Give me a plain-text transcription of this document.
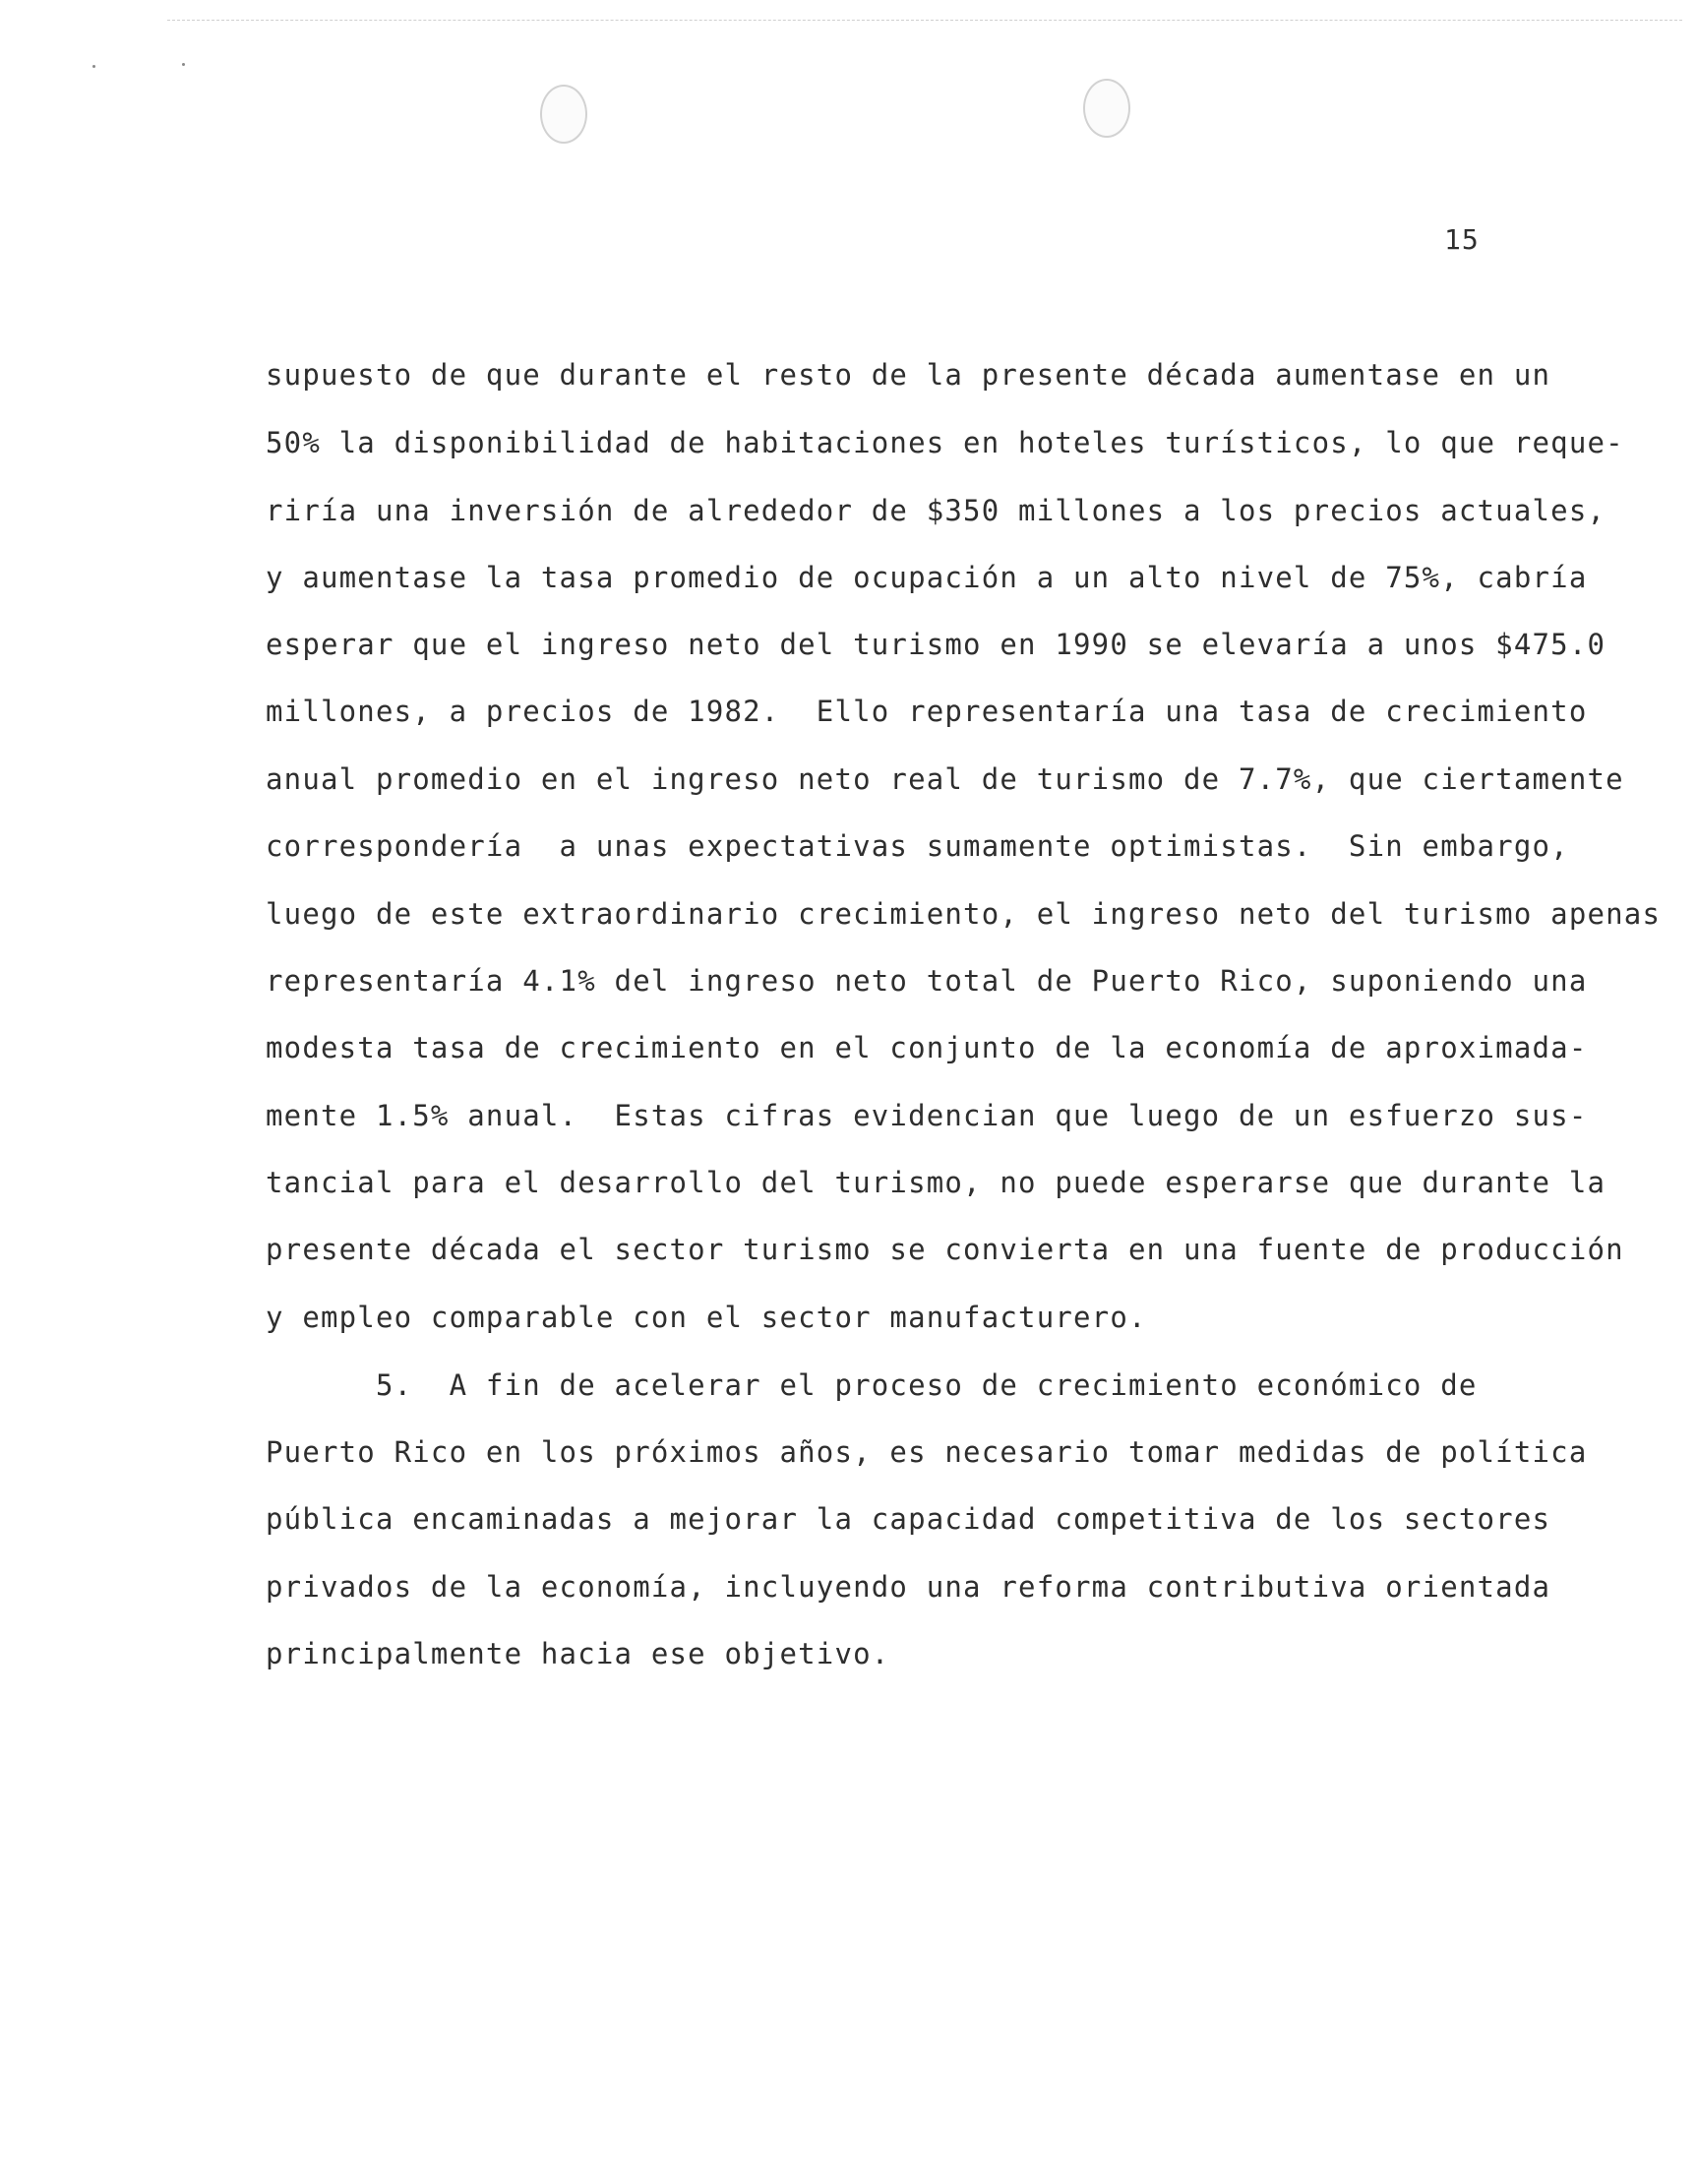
15

supuesto de que durante el resto de la presente década aumentase en un

50% la disponibilidad de habitaciones en hoteles turísticos, lo que reque-

riría una inversión de alrededor de $350 millones a los precios actuales,

y aumentase la tasa promedio de ocupación a un alto nivel de 75%, cabría

esperar que el ingreso neto del turismo en 1990 se elevaría a unos $475.0

millones, a precios de 1982.  Ello representaría una tasa de crecimiento

anual promedio en el ingreso neto real de turismo de 7.7%, que ciertamente

correspondería  a unas expectativas sumamente optimistas.  Sin embargo,

luego de este extraordinario crecimiento, el ingreso neto del turismo apenas

representaría 4.1% del ingreso neto total de Puerto Rico, suponiendo una

modesta tasa de crecimiento en el conjunto de la economía de aproximada-

mente 1.5% anual.  Estas cifras evidencian que luego de un esfuerzo sus-

tancial para el desarrollo del turismo, no puede esperarse que durante la

presente década el sector turismo se convierta en una fuente de producción

y empleo comparable con el sector manufacturero.

5.  A fin de acelerar el proceso de crecimiento económico de

Puerto Rico en los próximos años, es necesario tomar medidas de política

pública encaminadas a mejorar la capacidad competitiva de los sectores

privados de la economía, incluyendo una reforma contributiva orientada

principalmente hacia ese objetivo.
